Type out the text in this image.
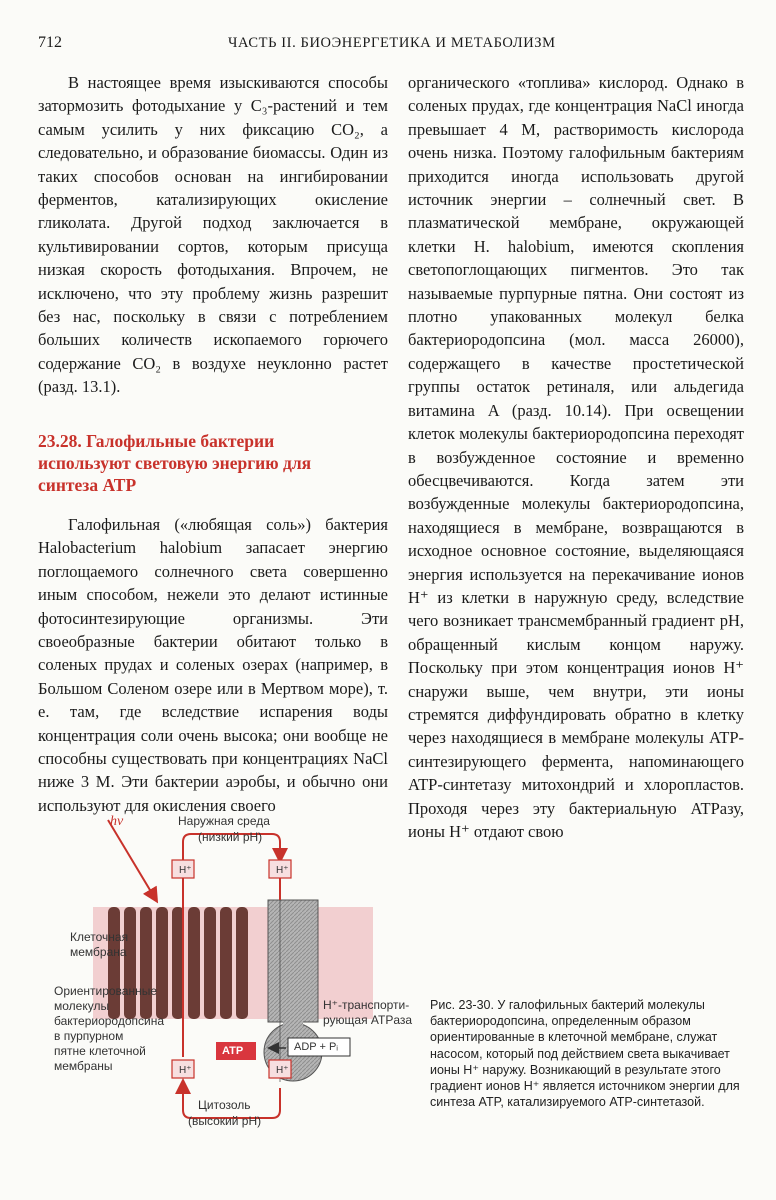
712	ЧАСТЬ II. БИОЭНЕРГЕТИКА И МЕТАБОЛИЗМ

В настоящее время изыскиваются способы затормозить фотодыхание у C₃-растений и тем самым усилить у них фиксацию CO₂, а следовательно, и образование биомассы. Один из таких способов основан на ингибировании ферментов, катализирующих окисление гликолата. Другой подход заключается в культивировании сортов, которым присуща низкая скорость фотодыхания. Впрочем, не исключено, что эту проблему жизнь разрешит без нас, поскольку в связи с потреблением больших количеств ископаемого горючего содержание CO₂ в воздухе неуклонно растет (разд. 13.1).

23.28. Галофильные бактерии используют световую энергию для синтеза ATP

Галофильная («любящая соль») бактерия Halobacterium halobium запасает энергию поглощаемого солнечного света совершенно иным способом, нежели это делают истинные фотосинтезирующие организмы. Эти своеобразные бактерии обитают только в соленых прудах и соленых озерах (например, в Большом Соленом озере или в Мертвом море), т. е. там, где вследствие испарения воды концентрация соли очень высока; они вообще не способны существовать при концентрациях NaCl ниже 3 M. Эти бактерии аэробы, и обычно они используют для окисления своего

органического «топлива» кислород. Однако в соленых прудах, где концентрация NaCl иногда превышает 4 M, растворимость кислорода очень низка. Поэтому галофильным бактериям приходится иногда использовать другой источник энергии – солнечный свет. В плазматической мембране, окружающей клетки H. halobium, имеются скопления светопоглощающих пигментов. Это так называемые пурпурные пятна. Они состоят из плотно упакованных молекул белка бактериородопсина (мол. масса 26000), содержащего в качестве простетической группы остаток ретиналя, или альдегида витамина A (разд. 10.14). При освещении клеток молекулы бактериородопсина переходят в возбужденное состояние и временно обесцвечиваются. Когда затем эти возбужденные молекулы бактериородопсина, находящиеся в мембране, возвращаются в исходное основное состояние, выделяющаяся энергия используется на перекачивание ионов H⁺ из клетки в наружную среду, вследствие чего возникает трансмембранный градиент pH, обращенный кислым концом наружу. Поскольку при этом концентрация ионов H⁺ снаружи выше, чем внутри, эти ионы стремятся диффундировать обратно в клетку через находящиеся в мембране молекулы ATP-синтезирующего фермента, напоминающего ATP-синтетазу митохондрий и хлоропластов. Проходя через эту бактериальную ATPазу, ионы H⁺ отдают свою

hν	Наружная среда
(низкий pH)
H⁺	H⁺
H⁺	H⁺
Клеточная
мембрана
Ориентированные
молекулы
бактериородопсина
в пурпурном
пятне клеточной
мембраны
H⁺-транспорти-
рующая ATPаза
ATP	ADP + Pᵢ
Цитозоль
(высокий pH)
Рис. 23-30. У галофильных бактерий молекулы бактериородопсина, определенным образом ориентированные в клеточной мембране, служат насосом, который под действием света выкачивает ионы H⁺ наружу. Возникающий в результате этого градиент ионов H⁺ является источником энергии для синтеза ATP, катализируемого ATP-синтетазой.
